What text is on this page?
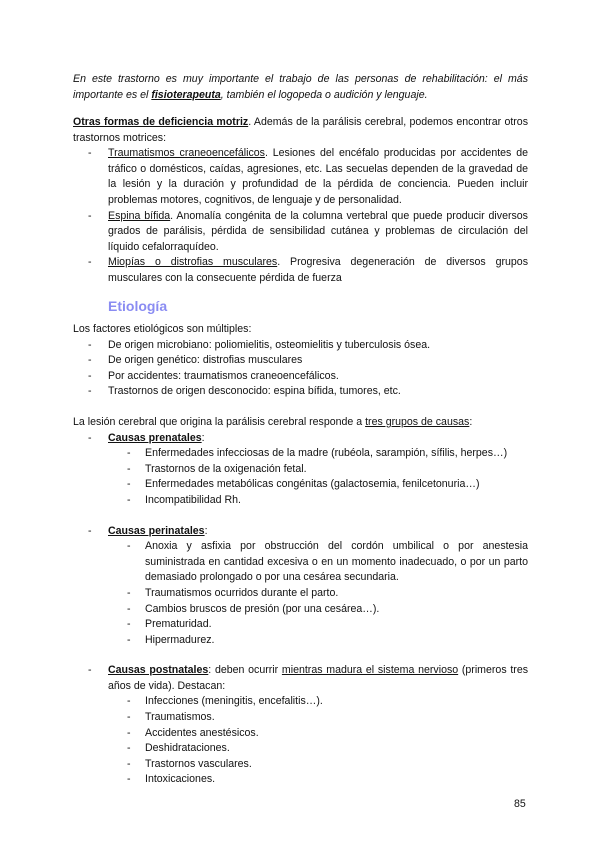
En este trastorno es muy importante el trabajo de las personas de rehabilitación: el más importante es el fisioterapeuta, también el logopeda o audición y lenguaje.
Otras formas de deficiencia motriz. Además de la parálisis cerebral, podemos encontrar otros trastornos motrices:
- Traumatismos craneoencefálicos. Lesiones del encéfalo producidas por accidentes de tráfico o domésticos, caídas, agresiones, etc. Las secuelas dependen de la gravedad de la lesión y la duración y profundidad de la pérdida de conciencia. Pueden incluir problemas motores, cognitivos, de lenguaje y de personalidad.
- Espina bífida. Anomalía congénita de la columna vertebral que puede producir diversos grados de parálisis, pérdida de sensibilidad cutánea y problemas de circulación del líquido cefalorraquídeo.
- Miopías o distrofias musculares. Progresiva degeneración de diversos grupos musculares con la consecuente pérdida de fuerza
Etiología
Los factores etiológicos son múltiples:
- De origen microbiano: poliomielitis, osteomielitis y tuberculosis ósea.
- De origen genético: distrofias musculares
- Por accidentes: traumatismos craneoencefálicos.
- Trastornos de origen desconocido: espina bífida, tumores, etc.
La lesión cerebral que origina la parálisis cerebral responde a tres grupos de causas:
- Causas prenatales:
- Enfermedades infecciosas de la madre (rubéola, sarampión, sífilis, herpes…)
- Trastornos de la oxigenación fetal.
- Enfermedades metabólicas congénitas (galactosemia, fenilcetonuria…)
- Incompatibilidad Rh.
- Causas perinatales:
- Anoxia y asfixia por obstrucción del cordón umbilical o por anestesia suministrada en cantidad excesiva o en un momento inadecuado, o por un parto demasiado prolongado o por una cesárea secundaria.
- Traumatismos ocurridos durante el parto.
- Cambios bruscos de presión (por una cesárea…).
- Prematuridad.
- Hipermadurez.
- Causas postnatales: deben ocurrir mientras madura el sistema nervioso (primeros tres años de vida). Destacan:
- Infecciones (meningitis, encefalitis…).
- Traumatismos.
- Accidentes anestésicos.
- Deshidrataciones.
- Trastornos vasculares.
- Intoxicaciones.
85
